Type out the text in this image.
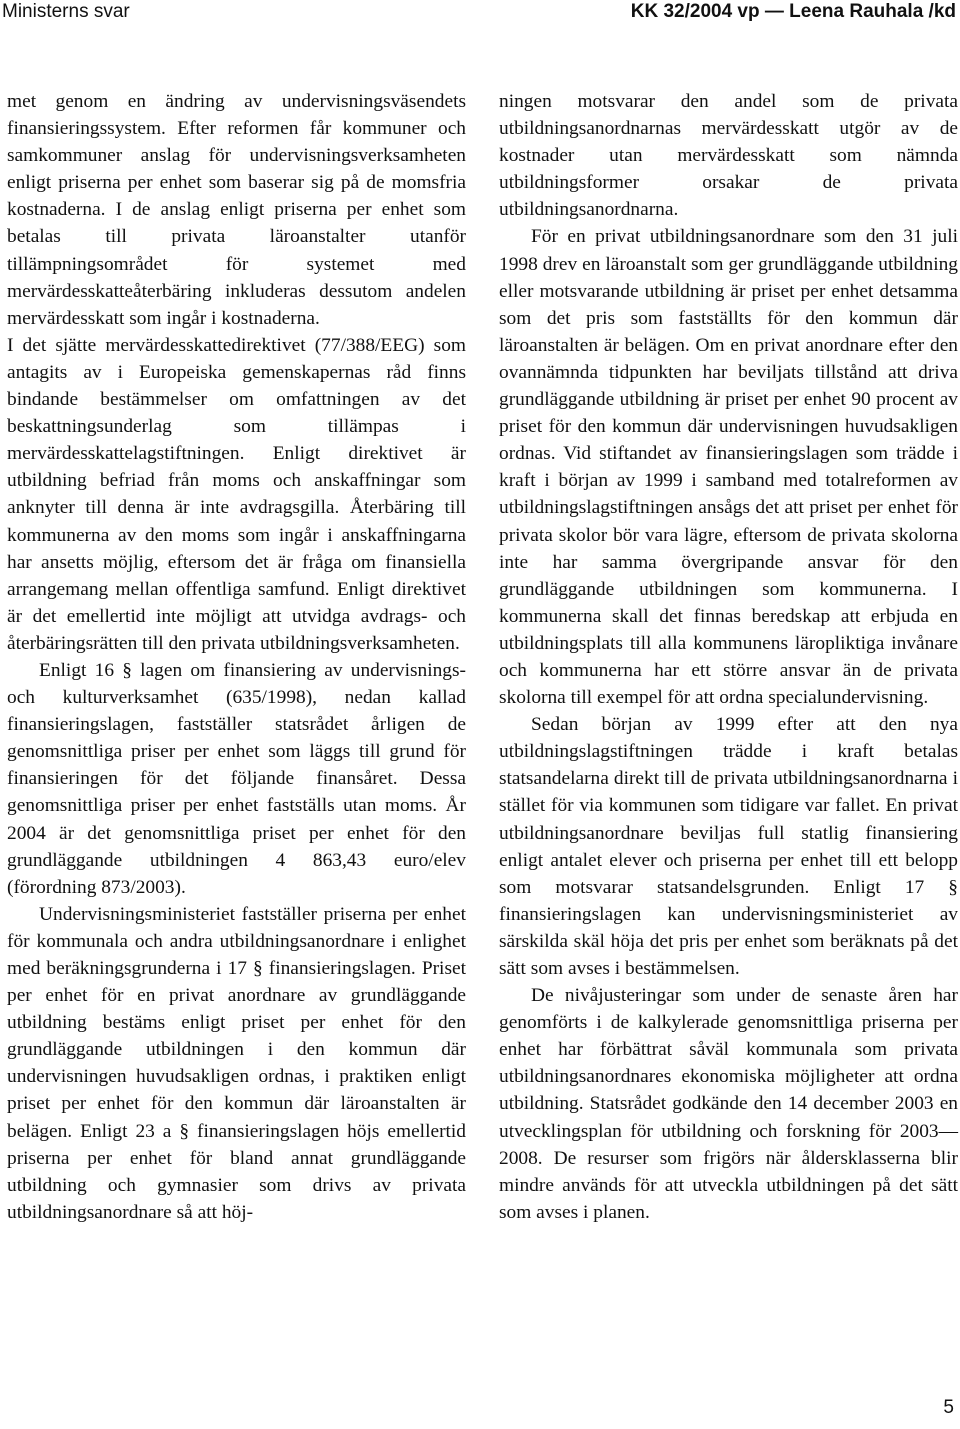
Ministerns svar	KK 32/2004 vp — Leena Rauhala /kd

met genom en ändring av undervisningsväsendets finansieringssystem. Efter reformen får kommuner och samkommuner anslag för undervisningsverksamheten enligt priserna per enhet som baserar sig på de momsfria kostnaderna. I de anslag enligt priserna per enhet som betalas till privata läroanstalter utanför tillämpningsområdet för systemet med mervärdesskatteåterbäring inkluderas dessutom andelen mervärdesskatt som ingår i kostnaderna.

I det sjätte mervärdesskattedirektivet (77/388/EEG) som antagits av i Europeiska gemenskapernas råd finns bindande bestämmelser om omfattningen av det beskattningsunderlag som tillämpas i mervärdesskattelagstiftningen. Enligt direktivet är utbildning befriad från moms och anskaffningar som anknyter till denna är inte avdragsgilla. Återbäring till kommunerna av den moms som ingår i anskaffningarna har ansetts möjlig, eftersom det är fråga om finansiella arrangemang mellan offentliga samfund. Enligt direktivet är det emellertid inte möjligt att utvidga avdrags- och återbäringsrätten till den privata utbildningsverksamheten.

Enligt 16 § lagen om finansiering av undervisnings- och kulturverksamhet (635/1998), nedan kallad finansieringslagen, fastställer statsrådet årligen de genomsnittliga priser per enhet som läggs till grund för finansieringen för det följande finansåret. Dessa genomsnittliga priser per enhet fastställs utan moms. År 2004 är det genomsnittliga priset per enhet för den grundläggande utbildningen 4 863,43 euro/elev (förordning 873/2003).

Undervisningsministeriet fastställer priserna per enhet för kommunala och andra utbildningsanordnare i enlighet med beräkningsgrunderna i 17 § finansieringslagen. Priset per enhet för en privat anordnare av grundläggande utbildning bestäms enligt priset per enhet för den grundläggande utbildningen i den kommun där undervisningen huvudsakligen ordnas, i praktiken enligt priset per enhet för den kommun där läroanstalten är belägen. Enligt 23 a § finansieringslagen höjs emellertid priserna per enhet för bland annat grundläggande utbildning och gymnasier som drivs av privata utbildningsanordnare så att höj-

ningen motsvarar den andel som de privata utbildningsanordnarnas mervärdesskatt utgör av de kostnader utan mervärdesskatt som nämnda utbildningsformer orsakar de privata utbildningsanordnarna.

För en privat utbildningsanordnare som den 31 juli 1998 drev en läroanstalt som ger grundläggande utbildning eller motsvarande utbildning är priset per enhet detsamma som det pris som fastställts för den kommun där läroanstalten är belägen. Om en privat anordnare efter den ovannämnda tidpunkten har beviljats tillstånd att driva grundläggande utbildning är priset per enhet 90 procent av priset för den kommun där undervisningen huvudsakligen ordnas. Vid stiftandet av finansieringslagen som trädde i kraft i början av 1999 i samband med totalreformen av utbildningslagstiftningen ansågs det att priset per enhet för privata skolor bör vara lägre, eftersom de privata skolorna inte har samma övergripande ansvar för den grundläggande utbildningen som kommunerna. I kommunerna skall det finnas beredskap att erbjuda en utbildningsplats till alla kommunens läropliktiga invånare och kommunerna har ett större ansvar än de privata skolorna till exempel för att ordna specialundervisning.

Sedan början av 1999 efter att den nya utbildningslagstiftningen trädde i kraft betalas statsandelarna direkt till de privata utbildningsanordnarna i stället för via kommunen som tidigare var fallet. En privat utbildningsanordnare beviljas full statlig finansiering enligt antalet elever och priserna per enhet till ett belopp som motsvarar statsandelsgrunden. Enligt 17 § finansieringslagen kan undervisningsministeriet av särskilda skäl höja det pris per enhet som beräknats på det sätt som avses i bestämmelsen.

De nivåjusteringar som under de senaste åren har genomförts i de kalkylerade genomsnittliga priserna per enhet har förbättrat såväl kommunala som privata utbildningsanordnares ekonomiska möjligheter att ordna utbildning. Statsrådet godkände den 14 december 2003 en utvecklingsplan för utbildning och forskning för 2003—2008. De resurser som frigörs när åldersklasserna blir mindre används för att utveckla utbildningen på det sätt som avses i planen.

5
